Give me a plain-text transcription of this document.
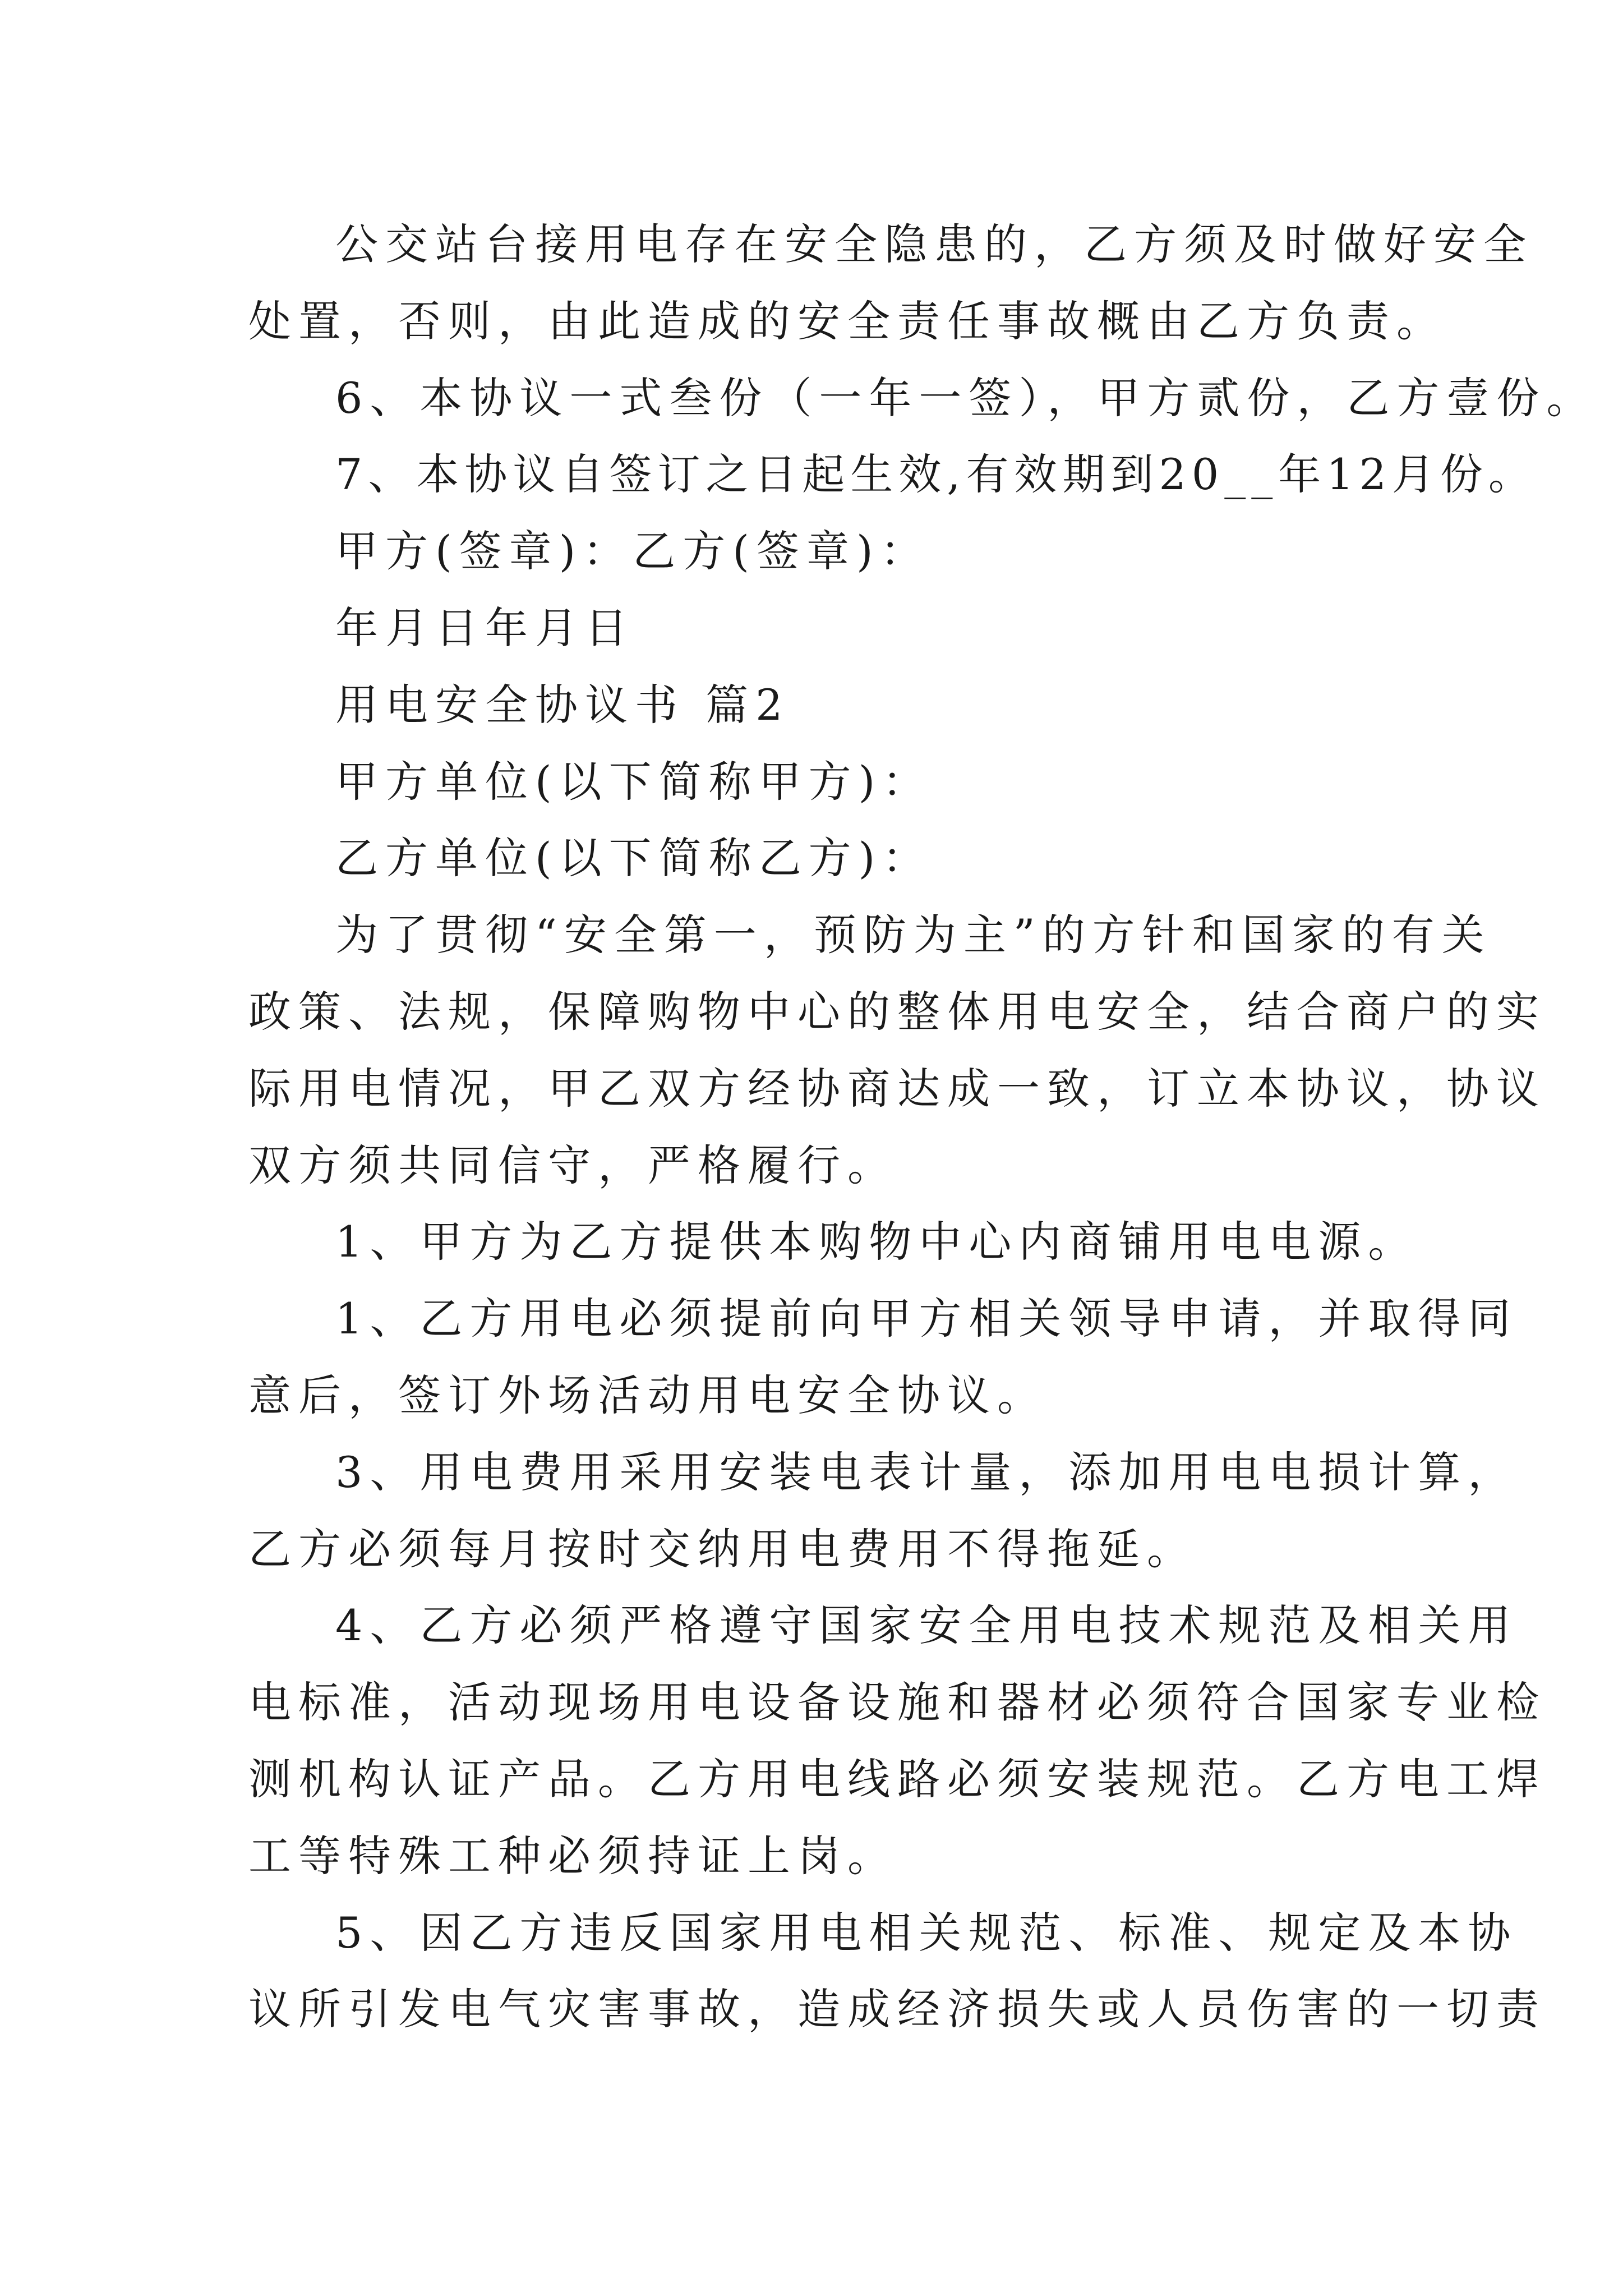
公交站台接用电存在安全隐患的，乙方须及时做好安全
处置，否则，由此造成的安全责任事故概由乙方负责。
6、本协议一式叁份（一年一签），甲方贰份，乙方壹份。
7、本协议自签订之日起生效,有效期到20__年12月份。
甲方(签章)：乙方(签章)：
年月日年月日
用电安全协议书 篇2
甲方单位(以下简称甲方)：
乙方单位(以下简称乙方)：
为了贯彻“安全第一，预防为主”的方针和国家的有关
政策、法规，保障购物中心的整体用电安全，结合商户的实
际用电情况，甲乙双方经协商达成一致，订立本协议，协议
双方须共同信守，严格履行。
1、甲方为乙方提供本购物中心内商铺用电电源。
1、乙方用电必须提前向甲方相关领导申请，并取得同
意后，签订外场活动用电安全协议。
3、用电费用采用安装电表计量，添加用电电损计算，
乙方必须每月按时交纳用电费用不得拖延。
4、乙方必须严格遵守国家安全用电技术规范及相关用
电标准，活动现场用电设备设施和器材必须符合国家专业检
测机构认证产品。乙方用电线路必须安装规范。乙方电工焊
工等特殊工种必须持证上岗。
5、因乙方违反国家用电相关规范、标准、规定及本协
议所引发电气灾害事故，造成经济损失或人员伤害的一切责
